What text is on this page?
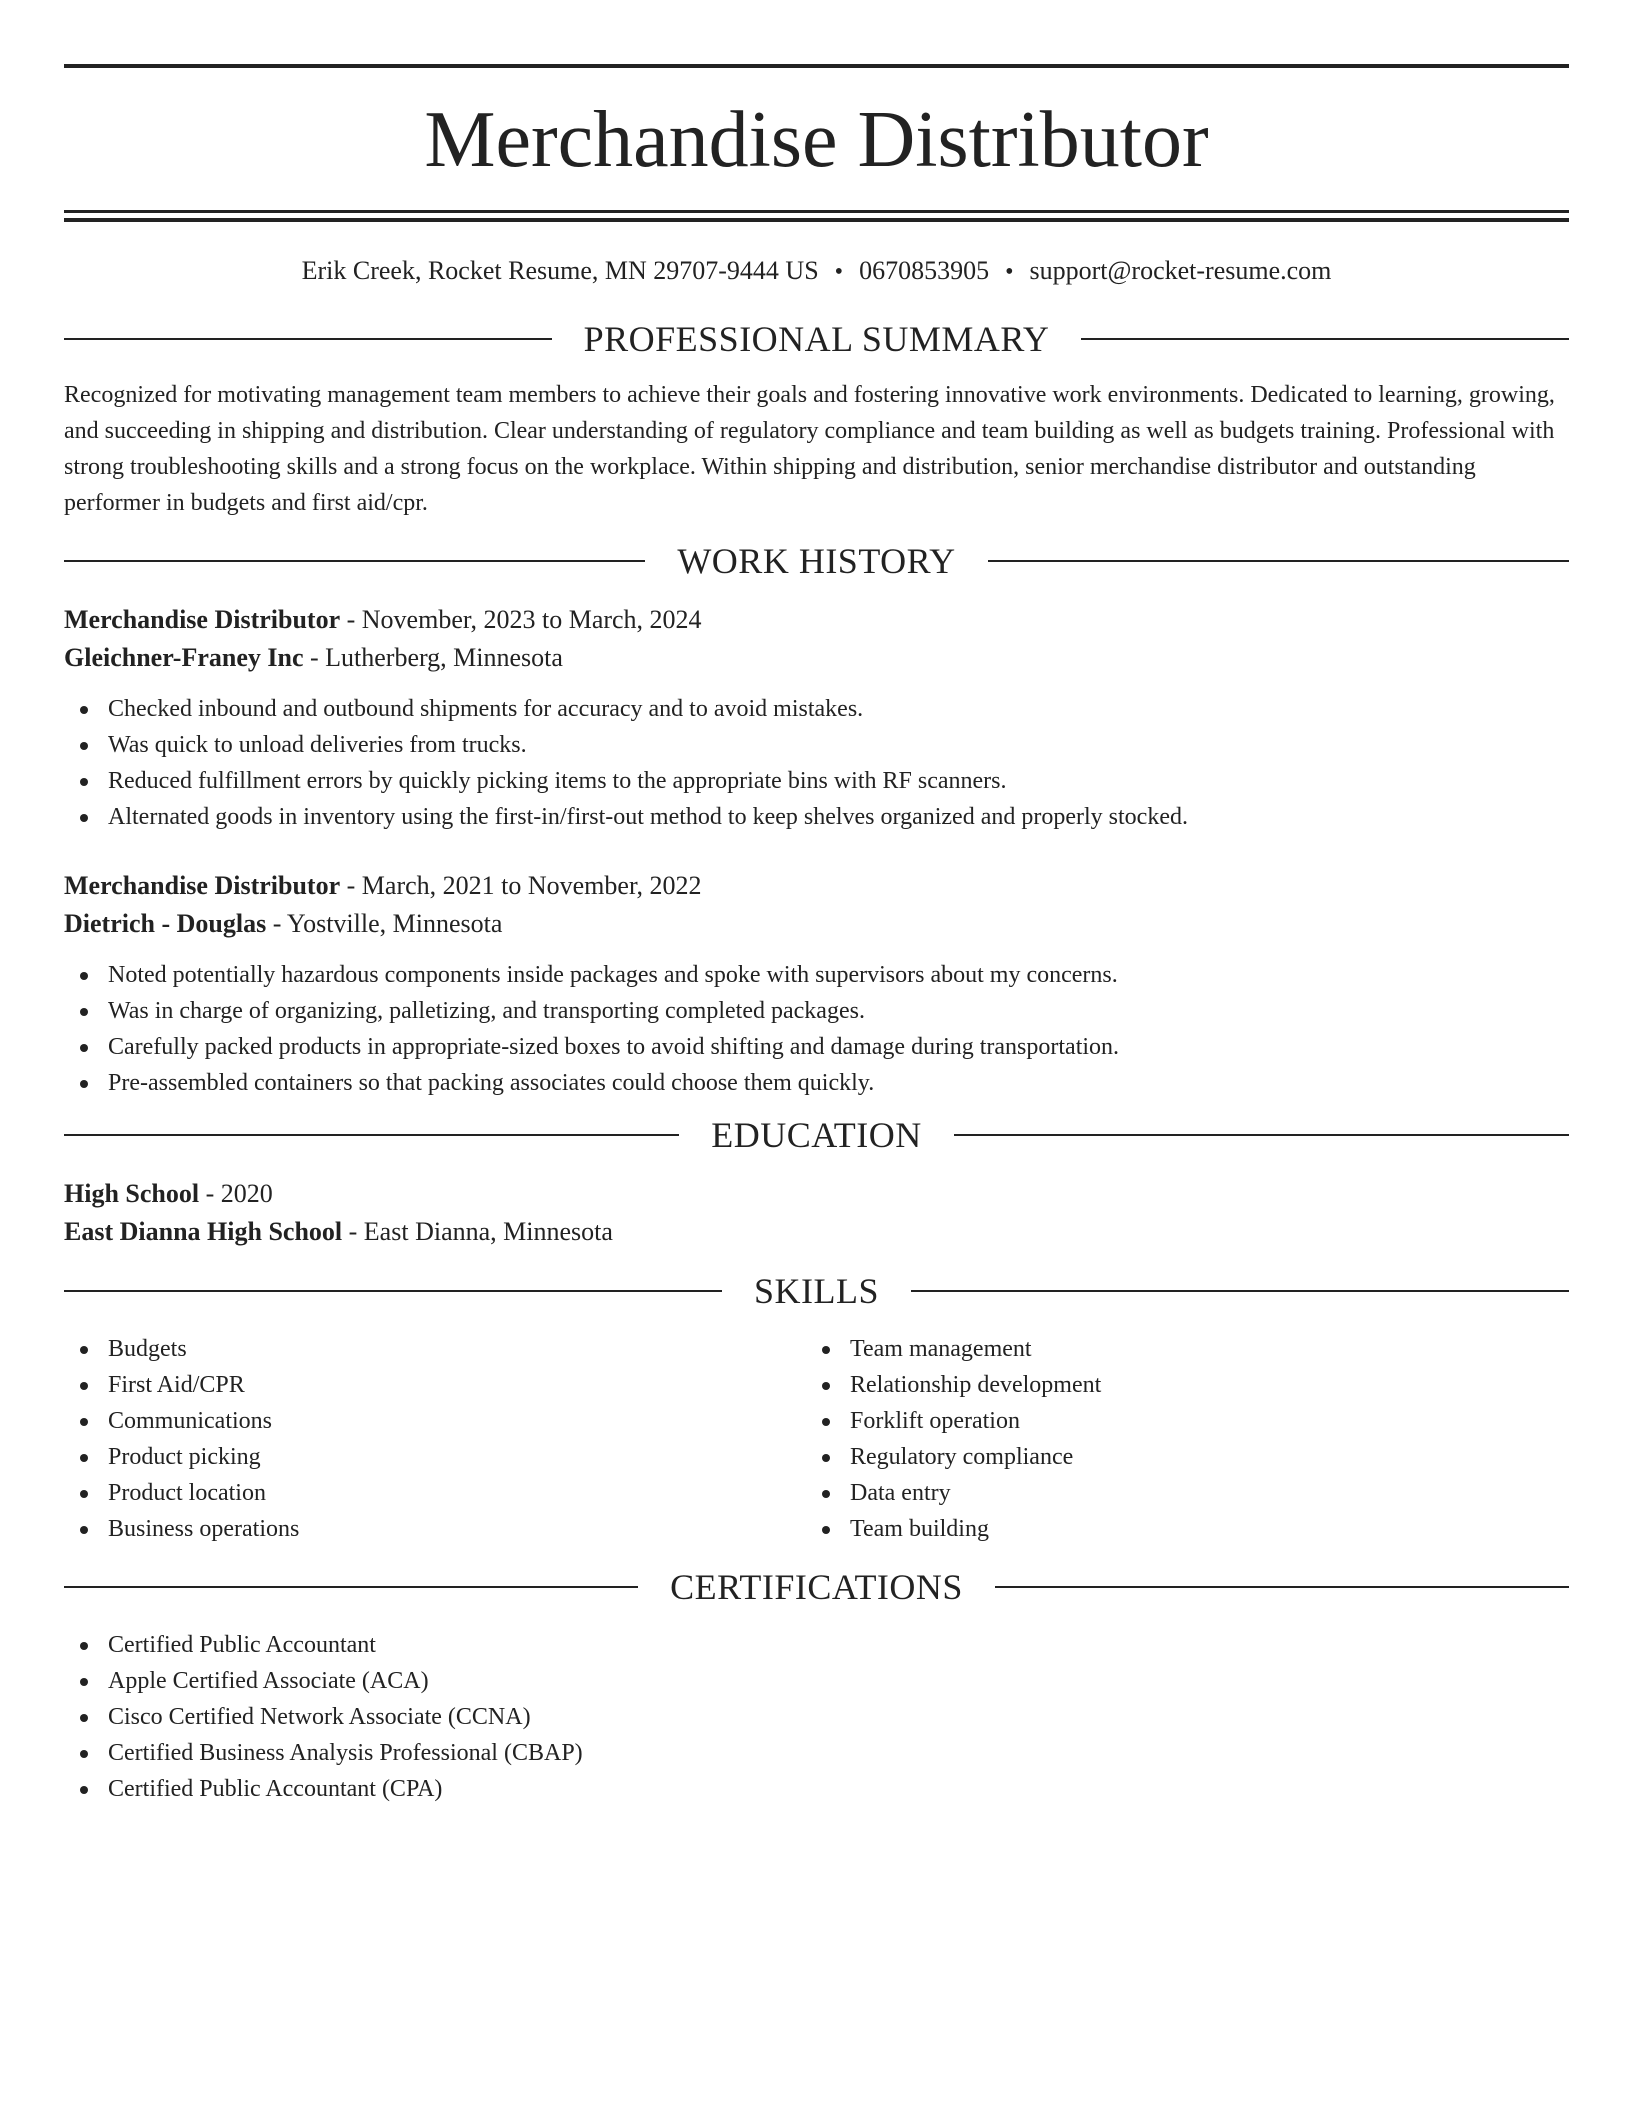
Merchandise Distributor
Erik Creek, Rocket Resume, MN 29707-9444 US • 0670853905 • support@rocket-resume.com
PROFESSIONAL SUMMARY

Recognized for motivating management team members to achieve their goals and fostering innovative work environments. Dedicated to learning, growing, and succeeding in shipping and distribution. Clear understanding of regulatory compliance and team building as well as budgets training. Professional with strong troubleshooting skills and a strong focus on the workplace. Within shipping and distribution, senior merchandise distributor and outstanding performer in budgets and first aid/cpr.

WORK HISTORY
Merchandise Distributor - November, 2023 to March, 2024
Gleichner-Franey Inc - Lutherberg, Minnesota
Checked inbound and outbound shipments for accuracy and to avoid mistakes.
Was quick to unload deliveries from trucks.
Reduced fulfillment errors by quickly picking items to the appropriate bins with RF scanners.
Alternated goods in inventory using the first-in/first-out method to keep shelves organized and properly stocked.
Merchandise Distributor - March, 2021 to November, 2022
Dietrich - Douglas - Yostville, Minnesota
Noted potentially hazardous components inside packages and spoke with supervisors about my concerns.
Was in charge of organizing, palletizing, and transporting completed packages.
Carefully packed products in appropriate-sized boxes to avoid shifting and damage during transportation.
Pre-assembled containers so that packing associates could choose them quickly.
EDUCATION
High School - 2020
East Dianna High School - East Dianna, Minnesota
SKILLS
Budgets
First Aid/CPR
Communications
Product picking
Product location
Business operations
Team management
Relationship development
Forklift operation
Regulatory compliance
Data entry
Team building
CERTIFICATIONS
Certified Public Accountant
Apple Certified Associate (ACA)
Cisco Certified Network Associate (CCNA)
Certified Business Analysis Professional (CBAP)
Certified Public Accountant (CPA)
